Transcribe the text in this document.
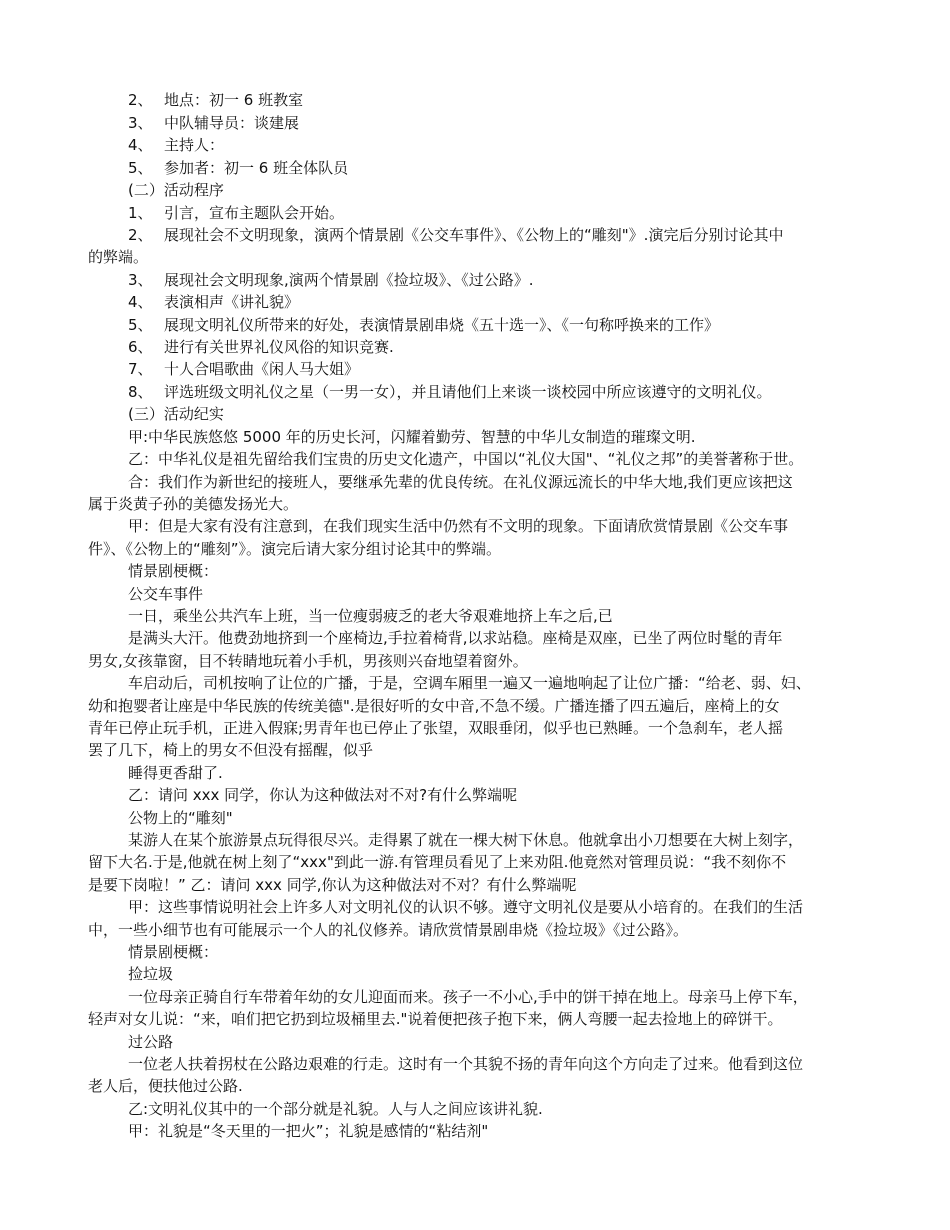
2、 地点：初一 6 班教室
3、 中队辅导员：谈建展
4、 主持人：
5、 参加者：初一 6 班全体队员
(二）活动程序
1、 引言，宣布主题队会开始。
2、 展现社会不文明现象，演两个情景剧《公交车事件》、《公物上的“雕刻"》.演完后分别讨论其中
的弊端。
3、 展现社会文明现象,演两个情景剧《捡垃圾》、《过公路》.
4、 表演相声《讲礼貌》
5、 展现文明礼仪所带来的好处，表演情景剧串烧《五十选一》、《一句称呼换来的工作》
6、 进行有关世界礼仪风俗的知识竞赛.
7、 十人合唱歌曲《闲人马大姐》
8、 评选班级文明礼仪之星（一男一女），并且请他们上来谈一谈校园中所应该遵守的文明礼仪。
(三）活动纪实
甲:中华民族悠悠 5000 年的历史长河，闪耀着勤劳、智慧的中华儿女制造的璀璨文明.
乙：中华礼仪是祖先留给我们宝贵的历史文化遗产，中国以“礼仪大国"、“礼仪之邦”的美誉著称于世。
合：我们作为新世纪的接班人，要继承先辈的优良传统。在礼仪源远流长的中华大地,我们更应该把这
属于炎黄子孙的美德发扬光大。
甲：但是大家有没有注意到，在我们现实生活中仍然有不文明的现象。下面请欣赏情景剧《公交车事
件》、《公物上的“雕刻”》。演完后请大家分组讨论其中的弊端。
情景剧梗概：
公交车事件
一日，乘坐公共汽车上班，当一位瘦弱疲乏的老大爷艰难地挤上车之后,已
是满头大汗。他费劲地挤到一个座椅边,手拉着椅背,以求站稳。座椅是双座，已坐了两位时髦的青年
男女,女孩靠窗，目不转睛地玩着小手机，男孩则兴奋地望着窗外。
车启动后，司机按响了让位的广播，于是，空调车厢里一遍又一遍地响起了让位广播：“给老、弱、妇、
幼和抱婴者让座是中华民族的传统美德".是很好听的女中音,不急不缓。广播连播了四五遍后，座椅上的女
青年已停止玩手机，正进入假寐;男青年也已停止了张望，双眼垂闭，似乎也已熟睡。一个急刹车，老人摇
罢了几下，椅上的男女不但没有摇醒，似乎
睡得更香甜了.
乙：请问 xxx 同学，你认为这种做法对不对?有什么弊端呢
公物上的“雕刻"
某游人在某个旅游景点玩得很尽兴。走得累了就在一棵大树下休息。他就拿出小刀想要在大树上刻字，
留下大名.于是,他就在树上刻了“xxx"到此一游.有管理员看见了上来劝阻.他竟然对管理员说：“我不刻你不
是要下岗啦！” 乙：请问 xxx 同学,你认为这种做法对不对？有什么弊端呢
甲：这些事情说明社会上许多人对文明礼仪的认识不够。遵守文明礼仪是要从小培育的。在我们的生活
中，一些小细节也有可能展示一个人的礼仪修养。请欣赏情景剧串烧《捡垃圾》《过公路》。
情景剧梗概：
捡垃圾
一位母亲正骑自行车带着年幼的女儿迎面而来。孩子一不小心,手中的饼干掉在地上。母亲马上停下车，
轻声对女儿说：“来，咱们把它扔到垃圾桶里去."说着便把孩子抱下来，俩人弯腰一起去捡地上的碎饼干。
过公路
一位老人扶着拐杖在公路边艰难的行走。这时有一个其貌不扬的青年向这个方向走了过来。他看到这位
老人后，便扶他过公路.
乙:文明礼仪其中的一个部分就是礼貌。人与人之间应该讲礼貌.
甲：礼貌是“冬天里的一把火”；礼貌是感情的“粘结剂"
